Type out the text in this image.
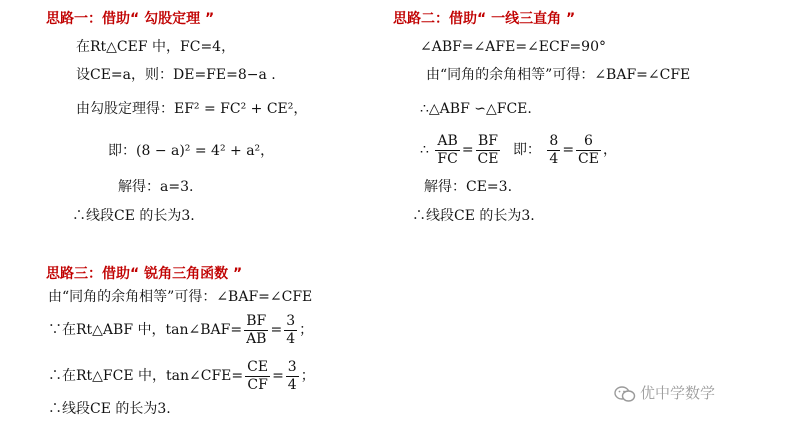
思路一：借助“ 勾股定理 ”
在Rt△CEF 中，FC=4，
设CE=a，则：DE=FE=8−a .
由勾股定理得：EF² = FC² + CE²，
即：(8 − a)² = 4² + a²，
解得：a=3.
∴线段CE 的长为3.
思路二：借助“ 一线三直角 ”
∠ABF=∠AFE=∠ECF=90°
由“同角的余角相等”可得：∠BAF=∠CFE
∴△ABF ∽△FCE.
∴ $\frac{AB}{FC} = \frac{BF}{CE}$ 即： $\frac{8}{4} = \frac{6}{CE}$ ，
解得：CE=3.
∴线段CE 的长为3.
思路三：借助“ 锐角三角函数 ”
由“同角的余角相等”可得：∠BAF=∠CFE
∵在Rt△ABF 中，tan∠BAF= $\frac{BF}{AB} = \frac{3}{4}$ ；
∴在Rt△FCE 中，tan∠CFE= $\frac{CE}{CF} = \frac{3}{4}$ ；
∴线段CE 的长为3.
优中学数学
